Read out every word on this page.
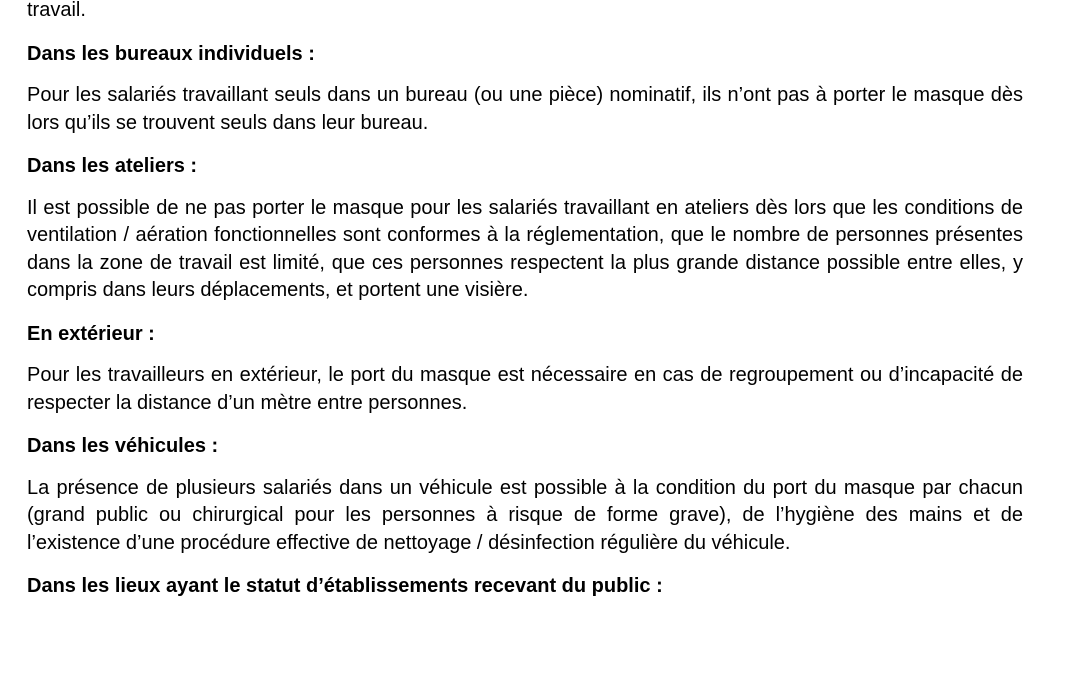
travail.

Dans les bureaux individuels :

Pour les salariés travaillant seuls dans un bureau (ou une pièce) nominatif, ils n’ont pas à porter le masque dès lors qu’ils se trouvent seuls dans leur bureau.

Dans les ateliers :

Il est possible de ne pas porter le masque pour les salariés travaillant en ateliers dès lors que les conditions de ventilation / aération fonctionnelles sont conformes à la réglementation, que le nombre de personnes présentes dans la zone de travail est limité, que ces personnes respectent la plus grande distance possible entre elles, y compris dans leurs déplacements, et portent une visière.

En extérieur :

Pour les travailleurs en extérieur, le port du masque est nécessaire en cas de regroupement ou d’incapacité de respecter la distance d’un mètre entre personnes.

Dans les véhicules :

La présence de plusieurs salariés dans un véhicule est possible à la condition du port du masque par chacun (grand public ou chirurgical pour les personnes à risque de forme grave), de l’hygiène des mains et de l’existence d’une procédure effective de nettoyage / désinfection régulière du véhicule.

Dans les lieux ayant le statut d’établissements recevant du public :
